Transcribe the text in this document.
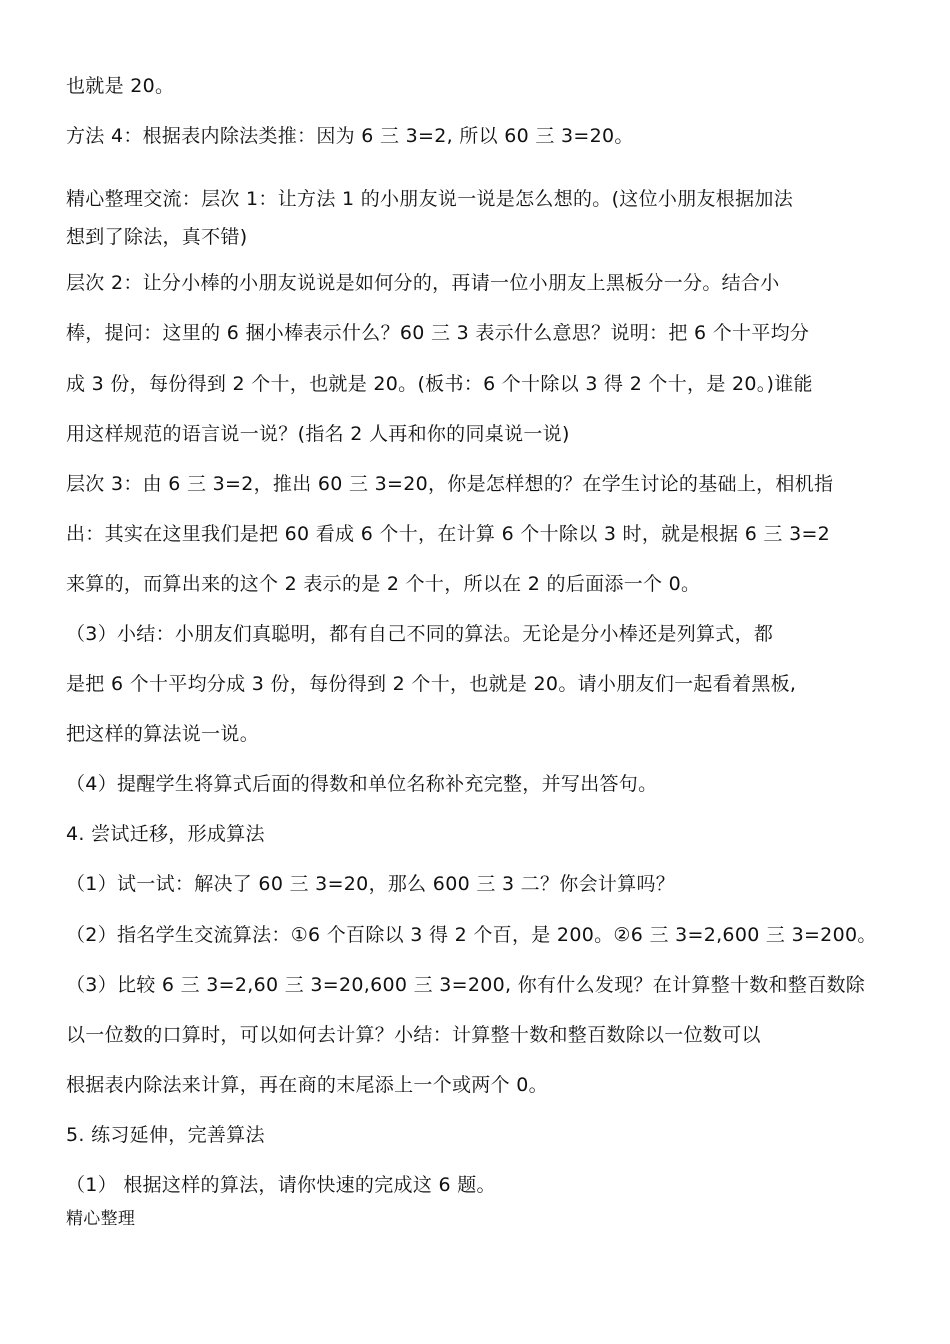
也就是 20。
方法 4：根据表内除法类推：因为 6 三 3=2, 所以 60 三 3=20。
精心整理交流：层次 1：让方法 1 的小朋友说一说是怎么想的。(这位小朋友根据加法
想到了除法，真不错)
层次 2：让分小棒的小朋友说说是如何分的，再请一位小朋友上黑板分一分。结合小
棒，提问：这里的 6 捆小棒表示什么？60 三 3 表示什么意思？说明：把 6 个十平均分
成 3 份，每份得到 2 个十，也就是 20。(板书：6 个十除以 3 得 2 个十，是 20。)谁能
用这样规范的语言说一说？(指名 2 人再和你的同桌说一说)
层次 3：由 6 三 3=2，推出 60 三 3=20，你是怎样想的？在学生讨论的基础上，相机指
出：其实在这里我们是把 60 看成 6 个十，在计算 6 个十除以 3 时，就是根据 6 三 3=2
来算的，而算出来的这个 2 表示的是 2 个十，所以在 2 的后面添一个 0。
（3）小结：小朋友们真聪明，都有自己不同的算法。无论是分小棒还是列算式，都
是把 6 个十平均分成 3 份，每份得到 2 个十，也就是 20。请小朋友们一起看着黑板,
把这样的算法说一说。
（4）提醒学生将算式后面的得数和单位名称补充完整，并写出答句。
4. 尝试迁移，形成算法
（1）试一试：解决了 60 三 3=20，那么 600 三 3 二？你会计算吗？
（2）指名学生交流算法：①6 个百除以 3 得 2 个百，是 200。②6 三 3=2,600 三 3=200。
（3）比较 6 三 3=2,60 三 3=20,600 三 3=200, 你有什么发现？在计算整十数和整百数除
以一位数的口算时，可以如何去计算？小结：计算整十数和整百数除以一位数可以
根据表内除法来计算，再在商的末尾添上一个或两个 0。
5. 练习延伸，完善算法
（1） 根据这样的算法，请你快速的完成这 6 题。
精心整理
